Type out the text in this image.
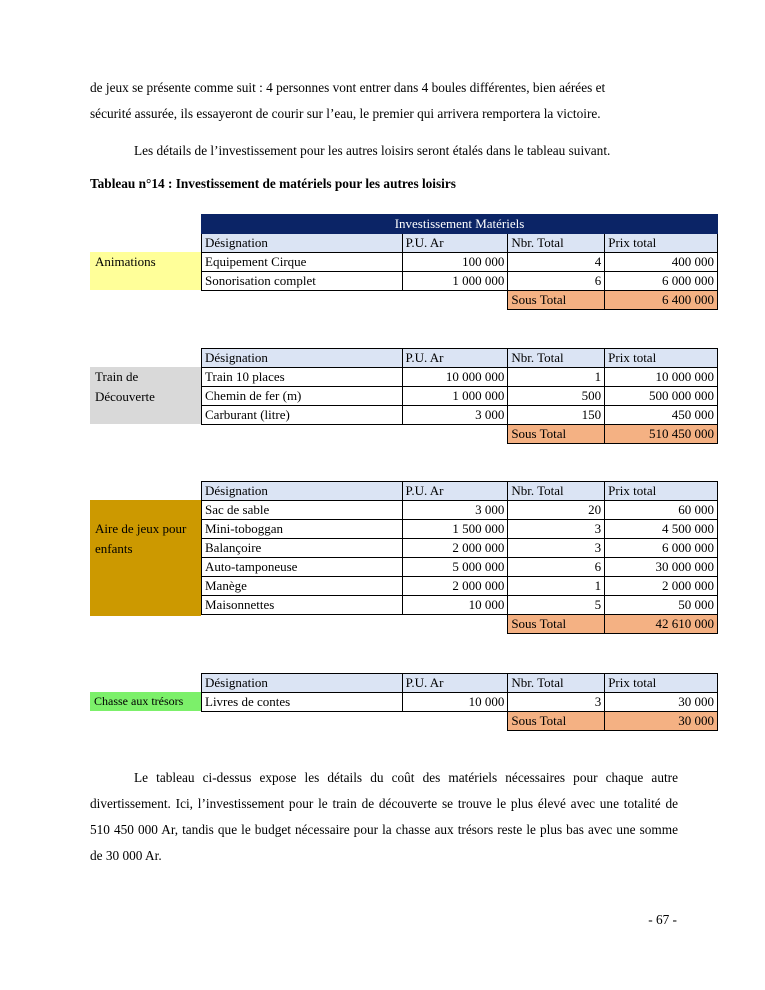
de jeux se présente comme suit : 4 personnes vont entrer dans 4 boules différentes, bien aérées et

sécurité assurée, ils essayeront de courir sur l’eau, le premier qui arrivera remportera la victoire.

Les détails de l’investissement pour les autres loisirs seront étalés dans le tableau suivant.

Tableau n°14 : Investissement de matériels pour les autres loisirs

Animations
Investissement Matériels			
Désignation	P.U. Ar	Nbr. Total	Prix total
Equipement Cirque	100 000	4	400 000
Sonorisation complet	1 000 000	6	6 000 000
		Sous Total	6 400 000
Train de Découverte
Désignation	P.U. Ar	Nbr. Total	Prix total
Train 10 places	10 000 000	1	10 000 000
Chemin de fer (m)	1 000 000	500	500 000 000
Carburant (litre)	3 000	150	450 000
		Sous Total	510 450 000
Aire de jeux pour enfants
Désignation	P.U. Ar	Nbr. Total	Prix total
Sac de sable	3 000	20	60 000
Mini-toboggan	1 500 000	3	4 500 000
Balançoire	2 000 000	3	6 000 000
Auto-tamponeuse	5 000 000	6	30 000 000
Manège	2 000 000	1	2 000 000
Maisonnettes	10 000	5	50 000
		Sous Total	42 610 000
Chasse aux trésors
Désignation	P.U. Ar	Nbr. Total	Prix total
Livres de contes	10 000	3	30 000
		Sous Total	30 000

Le tableau ci-dessus expose les détails du coût des matériels nécessaires pour chaque autre divertissement. Ici, l’investissement pour le train de découverte se trouve le plus élevé avec une totalité de 510 450 000 Ar, tandis que le budget nécessaire pour la chasse aux trésors reste le plus bas avec une somme de 30 000 Ar.

- 67 -
